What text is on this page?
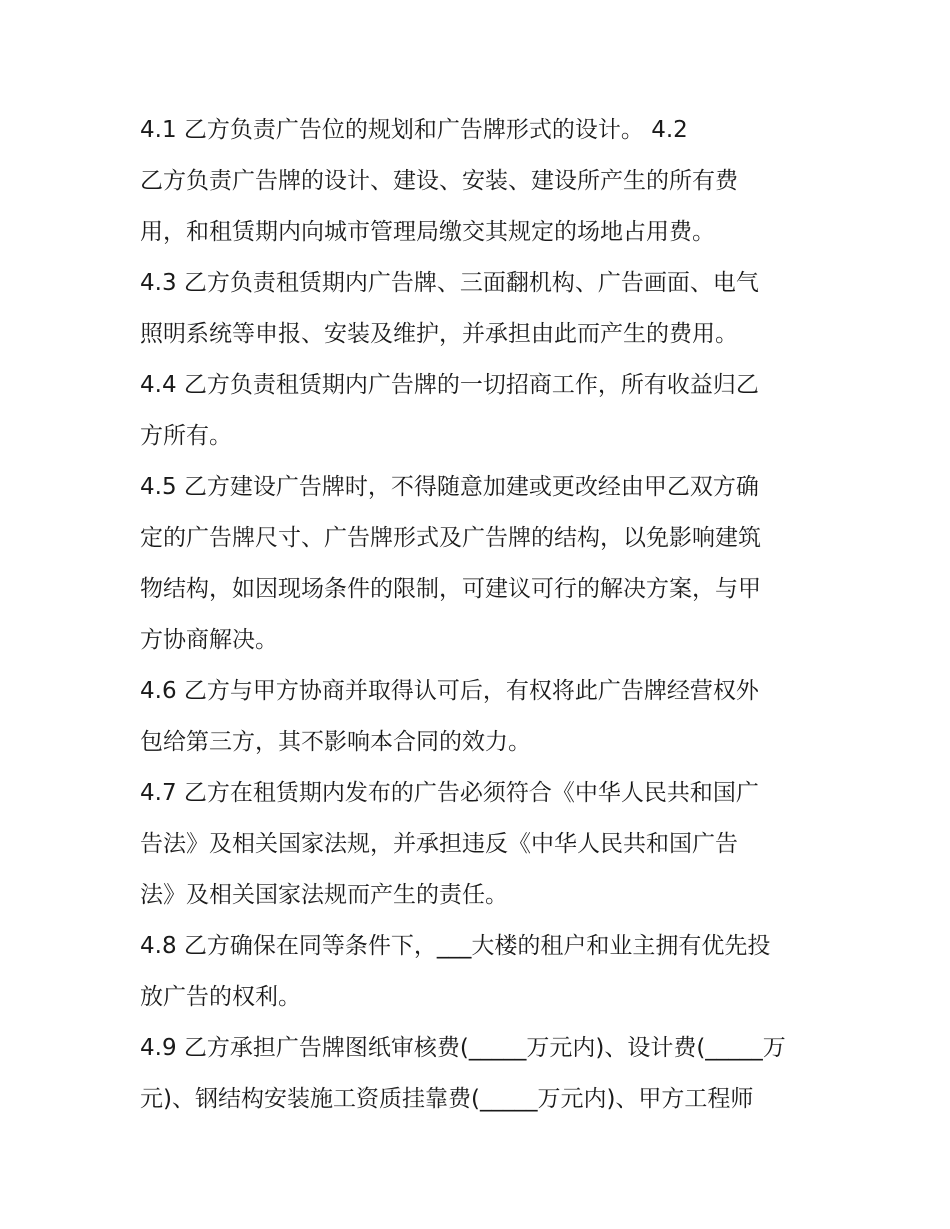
4.1 乙方负责广告位的规划和广告牌形式的设计。 4.2
乙方负责广告牌的设计、建设、安装、建设所产生的所有费
用，和租赁期内向城市管理局缴交其规定的场地占用费。
4.3 乙方负责租赁期内广告牌、三面翻机构、广告画面、电气
照明系统等申报、安装及维护，并承担由此而产生的费用。
4.4 乙方负责租赁期内广告牌的一切招商工作，所有收益归乙
方所有。
4.5 乙方建设广告牌时，不得随意加建或更改经由甲乙双方确
定的广告牌尺寸、广告牌形式及广告牌的结构，以免影响建筑
物结构，如因现场条件的限制，可建议可行的解决方案，与甲
方协商解决。
4.6 乙方与甲方协商并取得认可后，有权将此广告牌经营权外
包给第三方，其不影响本合同的效力。
4.7 乙方在租赁期内发布的广告必须符合《中华人民共和国广
告法》及相关国家法规，并承担违反《中华人民共和国广告
法》及相关国家法规而产生的责任。
4.8 乙方确保在同等条件下，___大楼的租户和业主拥有优先投
放广告的权利。
4.9 乙方承担广告牌图纸审核费(_____万元内)、设计费(_____万
元)、钢结构安装施工资质挂靠费(_____万元内)、甲方工程师
